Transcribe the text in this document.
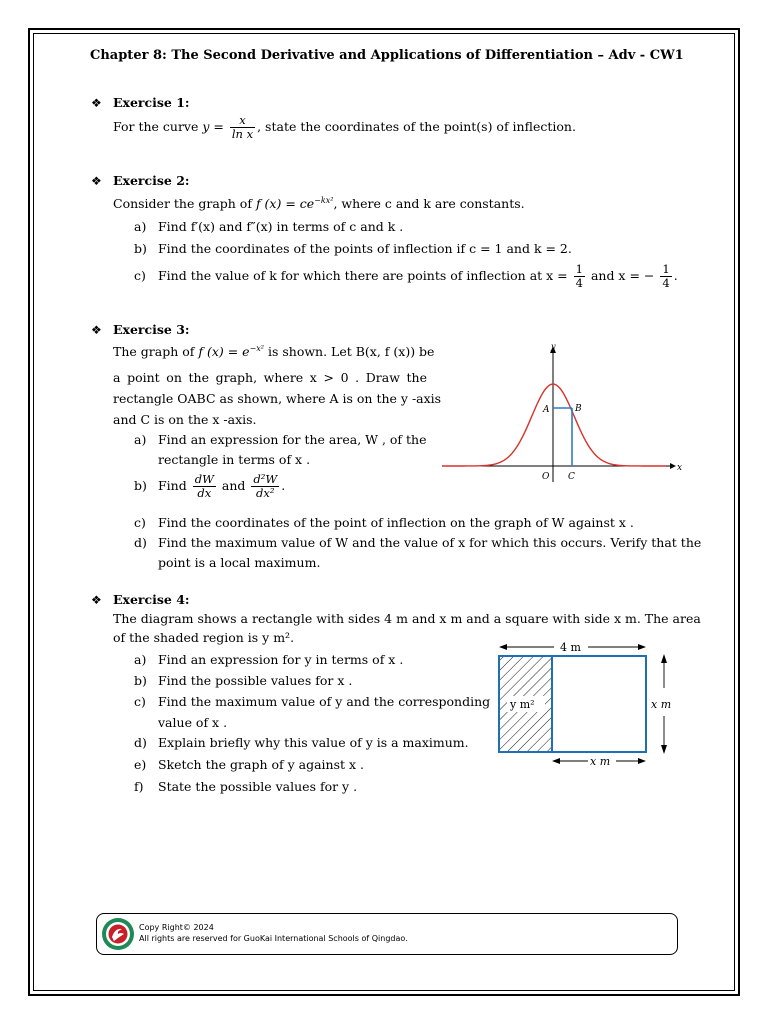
Chapter 8: The Second Derivative and Applications of Differentiation – Adv - CW1
❖ Exercise 1:
For the curve $y = \frac{x}{\text{ln x}}$ , state the coordinates of the point(s) of inflection.
❖ Exercise 2:
Consider the graph of f $(x) = ce^{-kx^2}$, where c and k are constants.
a) Find f′(x) and f″(x) in terms of c and k .
b) Find the coordinates of the points of inflection if c = 1 and k = 2.
c) Find the value of k for which there are points of inflection at $x = \frac{1}{4}$ and x = − $\frac{1}{4}$ .
❖ Exercise 3:
The graph of f $(x) = e^{-x^2}$ is shown. Let B(x, f (x)) be
a point on the graph, where x > 0 . Draw the
rectangle OABC as shown, where A is on the y -axis
and C is on the x -axis.
a) Find an expression for the area, W , of the
rectangle in terms of x .
b) Find $\frac{dW}{dx}$ and $\frac{\text{d²W}}{\text{dx²}}$ .
c) Find the coordinates of the point of inflection on the graph of W against x .
d) Find the maximum value of W and the value of x for which this occurs. Verify that the
point is a local maximum.
x
y
O C
A	B
❖ Exercise 4:
The diagram shows a rectangle with sides 4 m and x m and a square with side x m. The area
of the shaded region is y m².
a) Find an expression for y in terms of x .
b) Find the possible values for x .
c) Find the maximum value of y and the corresponding
value of x .
d) Explain briefly why this value of y is a maximum.
e) Sketch the graph of y against x .
f) State the possible values for y .
y m²
4 m
x m
x m
Copy Right© 2024
All rights are reserved for GuoKai International Schools of Qingdao.
